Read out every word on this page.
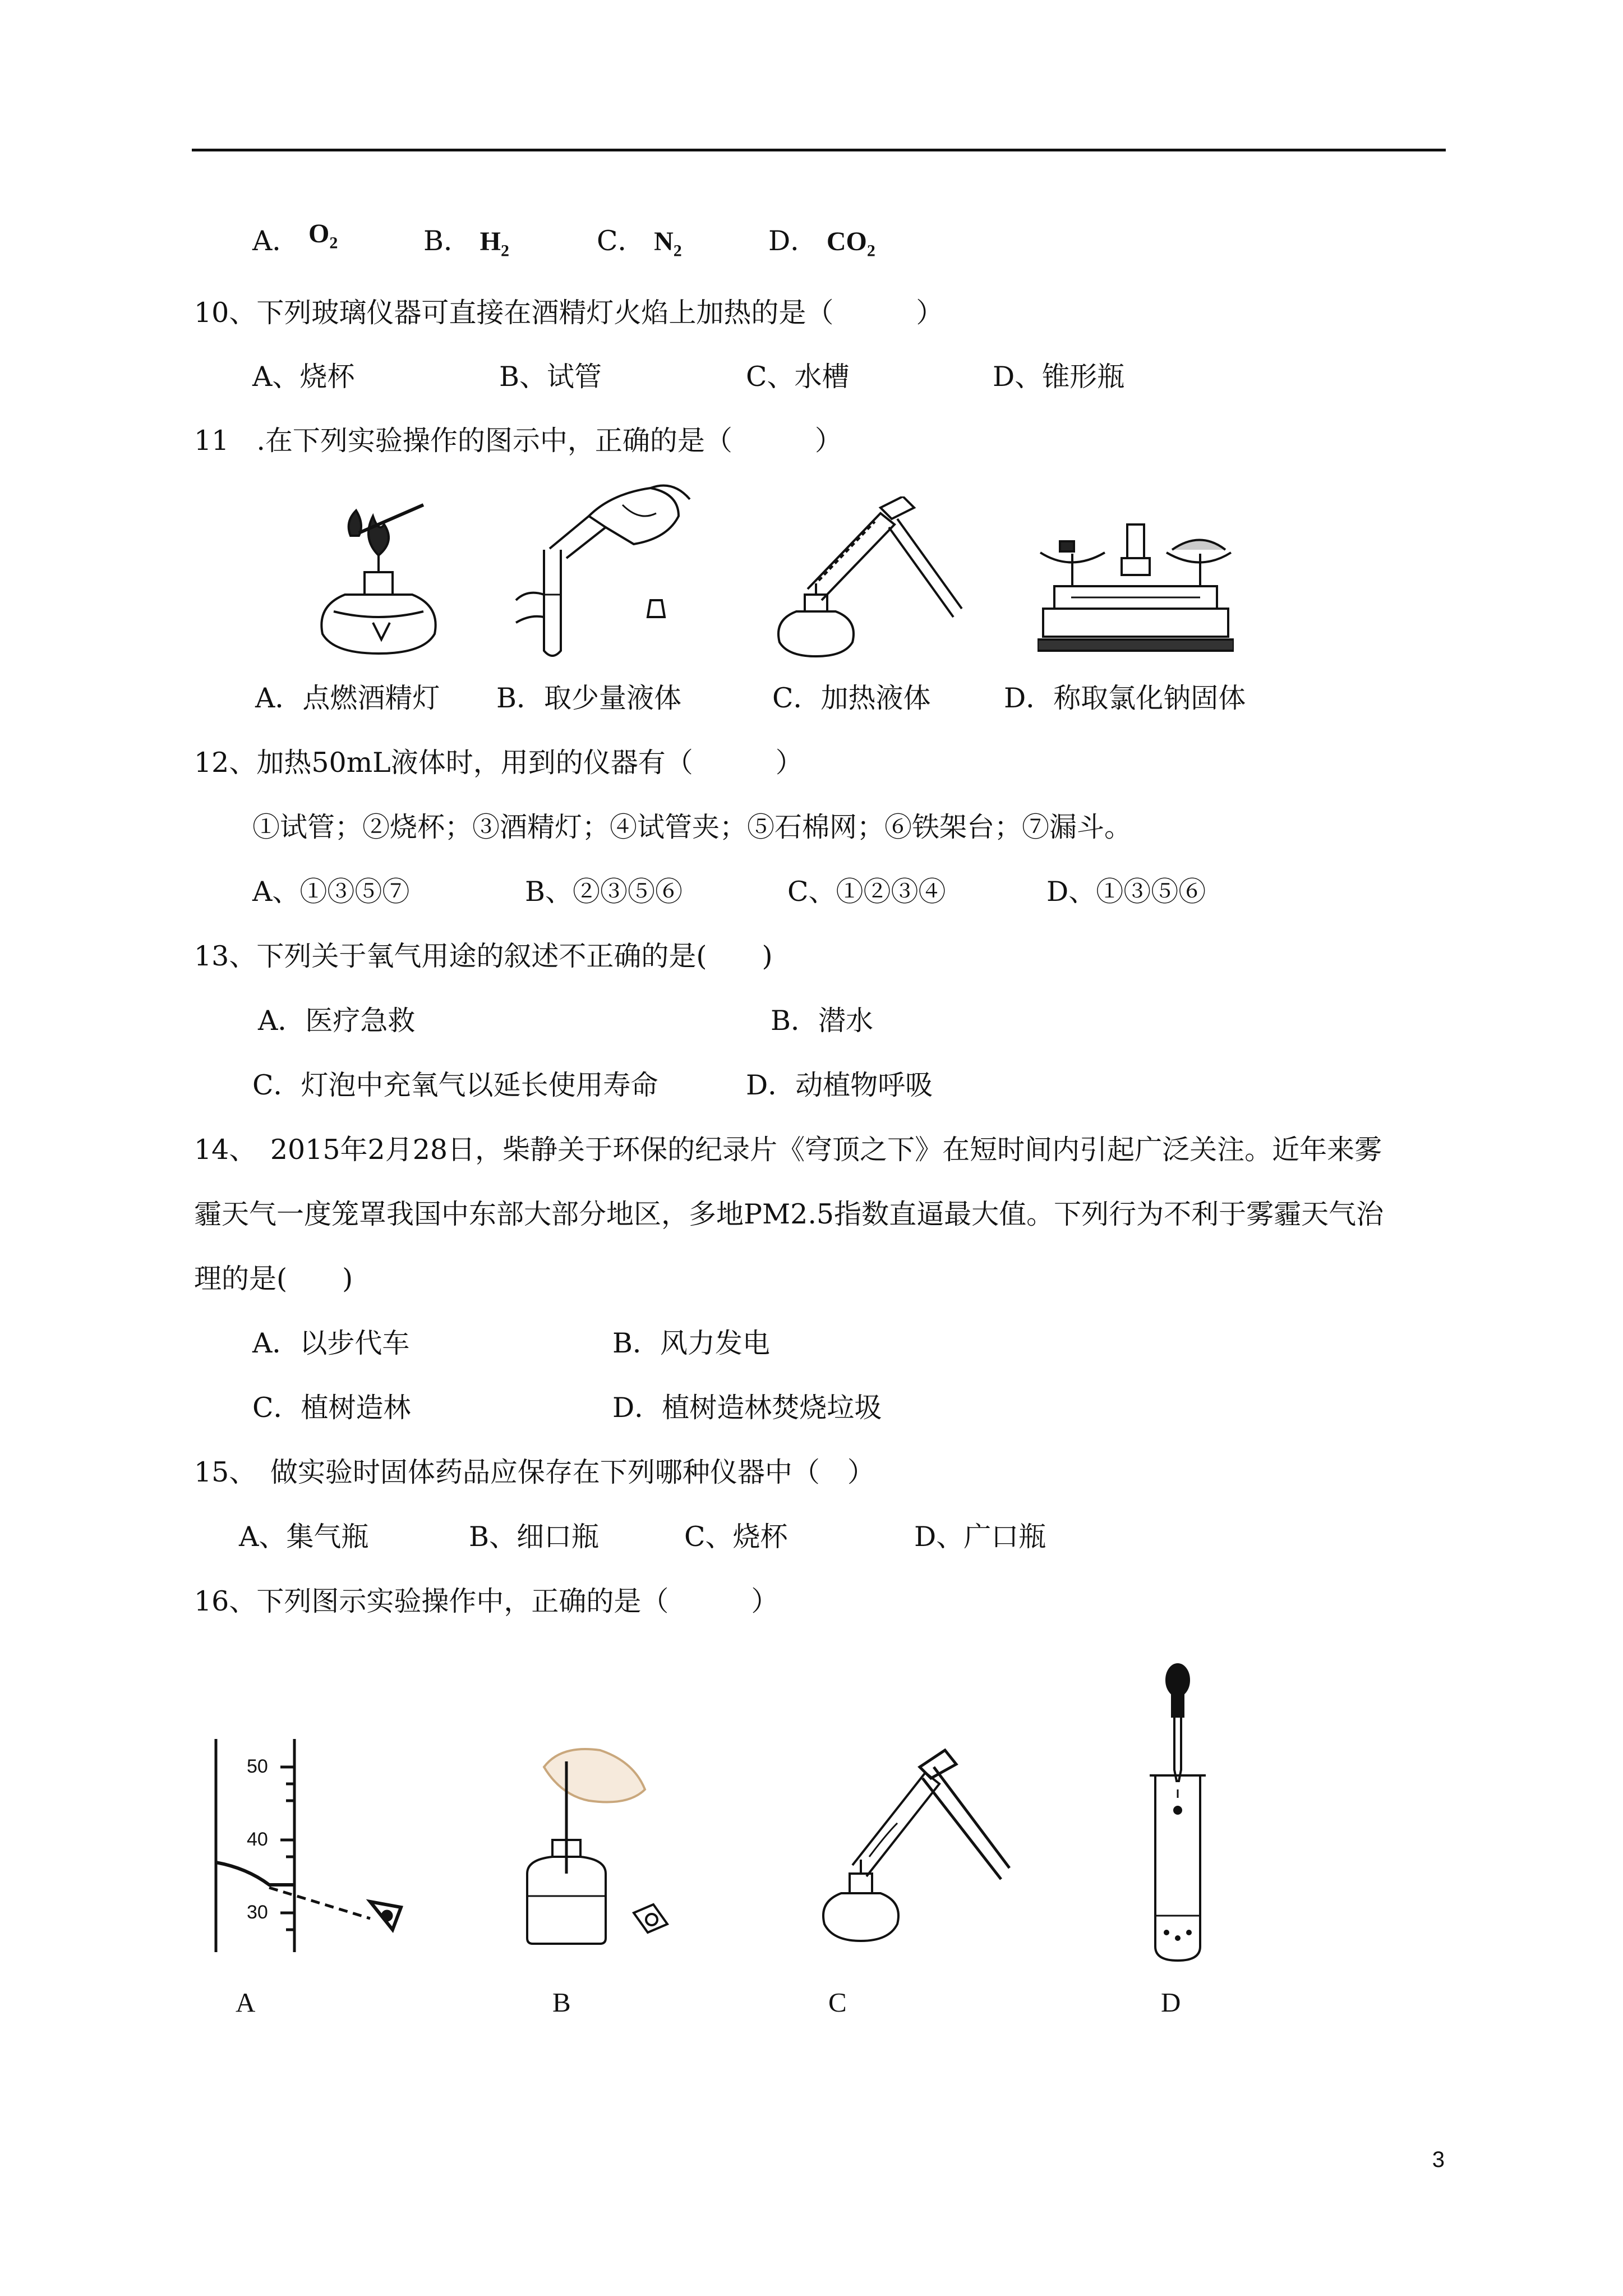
A． $O_2$	B． $H_2$	C． $N_2$	D． $CO_2$
10、下列玻璃仪器可直接在酒精灯火焰上加热的是（　　　）
A、烧杯	B、试管	C、水槽	D、锥形瓶
11　.在下列实验操作的图示中，正确的是（　　　）
A．点燃酒精灯 B．取少量液体	C．加热液体	D．称取氯化钠固体
12、加热50mL液体时，用到的仪器有（　　　）
①试管；②烧杯；③酒精灯；④试管夹；⑤石棉网；⑥铁架台；⑦漏斗。
A、①③⑤⑦	B、②③⑤⑥	C、①②③④	D、①③⑤⑥
13、下列关于氧气用途的叙述不正确的是(　　)
A．医疗急救	B．潜水
C．灯泡中充氧气以延长使用寿命	D．动植物呼吸
14、　2015年2月28日，柴静关于环保的纪录片《穹顶之下》在短时间内引起广泛关注。近年来雾
霾天气一度笼罩我国中东部大部分地区，多地PM2.5指数直逼最大值。下列行为不利于雾霾天气治
理的是(　　)
A．以步代车	B．风力发电
C．植树造林	D．植树造林焚烧垃圾
15、　做实验时固体药品应保存在下列哪种仪器中（　）
A、集气瓶	B、细口瓶	C、烧杯	D、广口瓶
16、下列图示实验操作中，正确的是（　　　）
50
40
30
A	B	C	D
3
